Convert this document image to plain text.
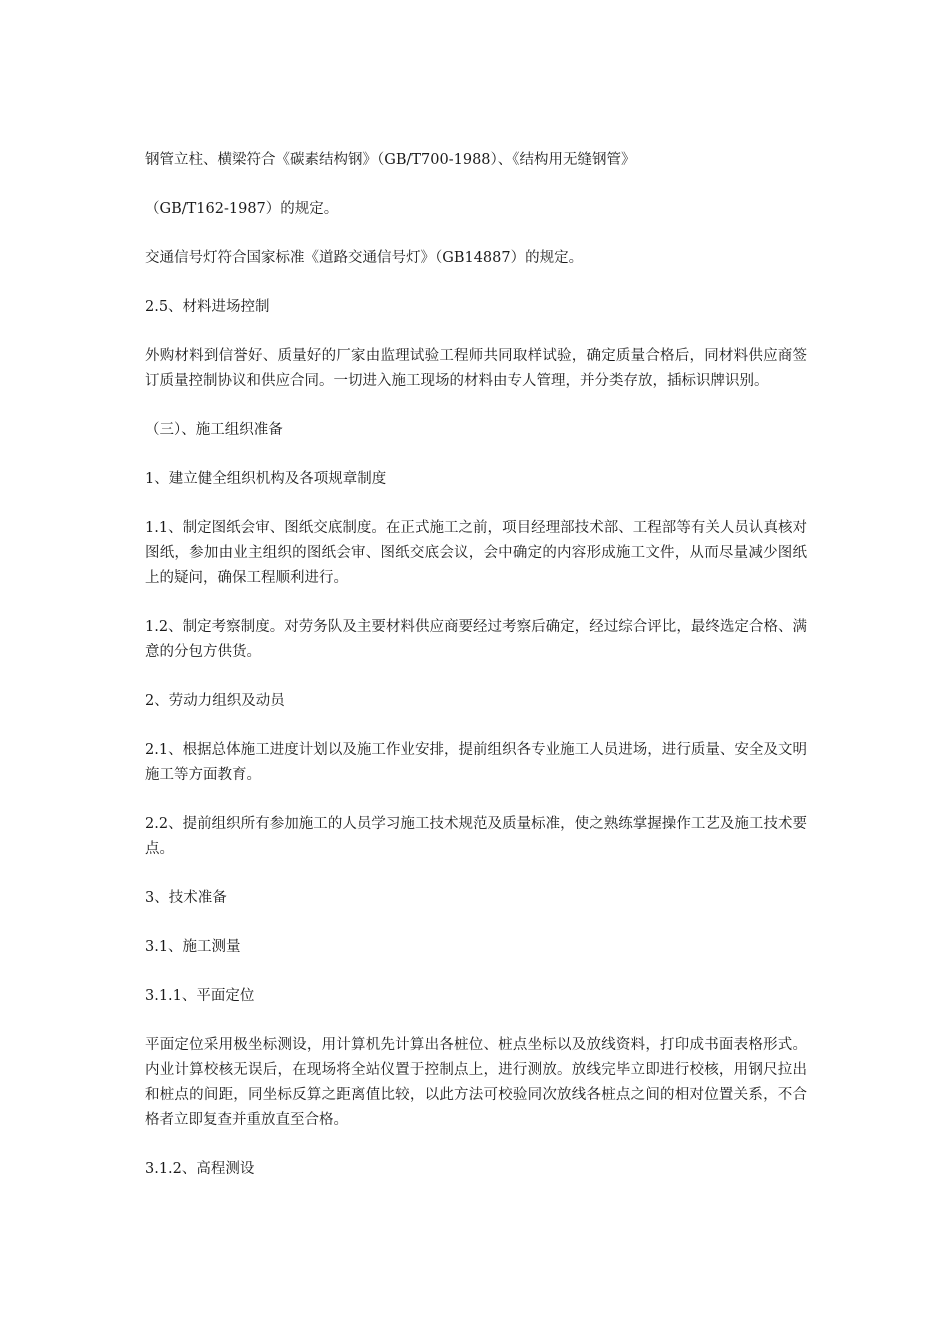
钢管立柱、横梁符合《碳素结构钢》（GB/T700-1988）、《结构用无缝钢管》

（GB/T162-1987）的规定。

交通信号灯符合国家标准《道路交通信号灯》（GB14887）的规定。

2.5、材料进场控制

外购材料到信誉好、质量好的厂家由监理试验工程师共同取样试验，确定质量合格后，同材料供应商签订质量控制协议和供应合同。一切进入施工现场的材料由专人管理，并分类存放，插标识牌识别。

（三）、施工组织准备

1、建立健全组织机构及各项规章制度

1.1、制定图纸会审、图纸交底制度。在正式施工之前，项目经理部技术部、工程部等有关人员认真核对图纸，参加由业主组织的图纸会审、图纸交底会议，会中确定的内容形成施工文件，从而尽量减少图纸上的疑问，确保工程顺利进行。

1.2、制定考察制度。对劳务队及主要材料供应商要经过考察后确定，经过综合评比，最终选定合格、满意的分包方供货。

2、劳动力组织及动员

2.1、根据总体施工进度计划以及施工作业安排，提前组织各专业施工人员进场，进行质量、安全及文明施工等方面教育。

2.2、提前组织所有参加施工的人员学习施工技术规范及质量标准，使之熟练掌握操作工艺及施工技术要点。

3、技术准备

3.1、施工测量

3.1.1、平面定位

平面定位采用极坐标测设，用计算机先计算出各桩位、桩点坐标以及放线资料，打印成书面表格形式。内业计算校核无误后，在现场将全站仪置于控制点上，进行测放。放线完毕立即进行校核，用钢尺拉出和桩点的间距，同坐标反算之距离值比较，以此方法可校验同次放线各桩点之间的相对位置关系，不合格者立即复查并重放直至合格。

3.1.2、高程测设
